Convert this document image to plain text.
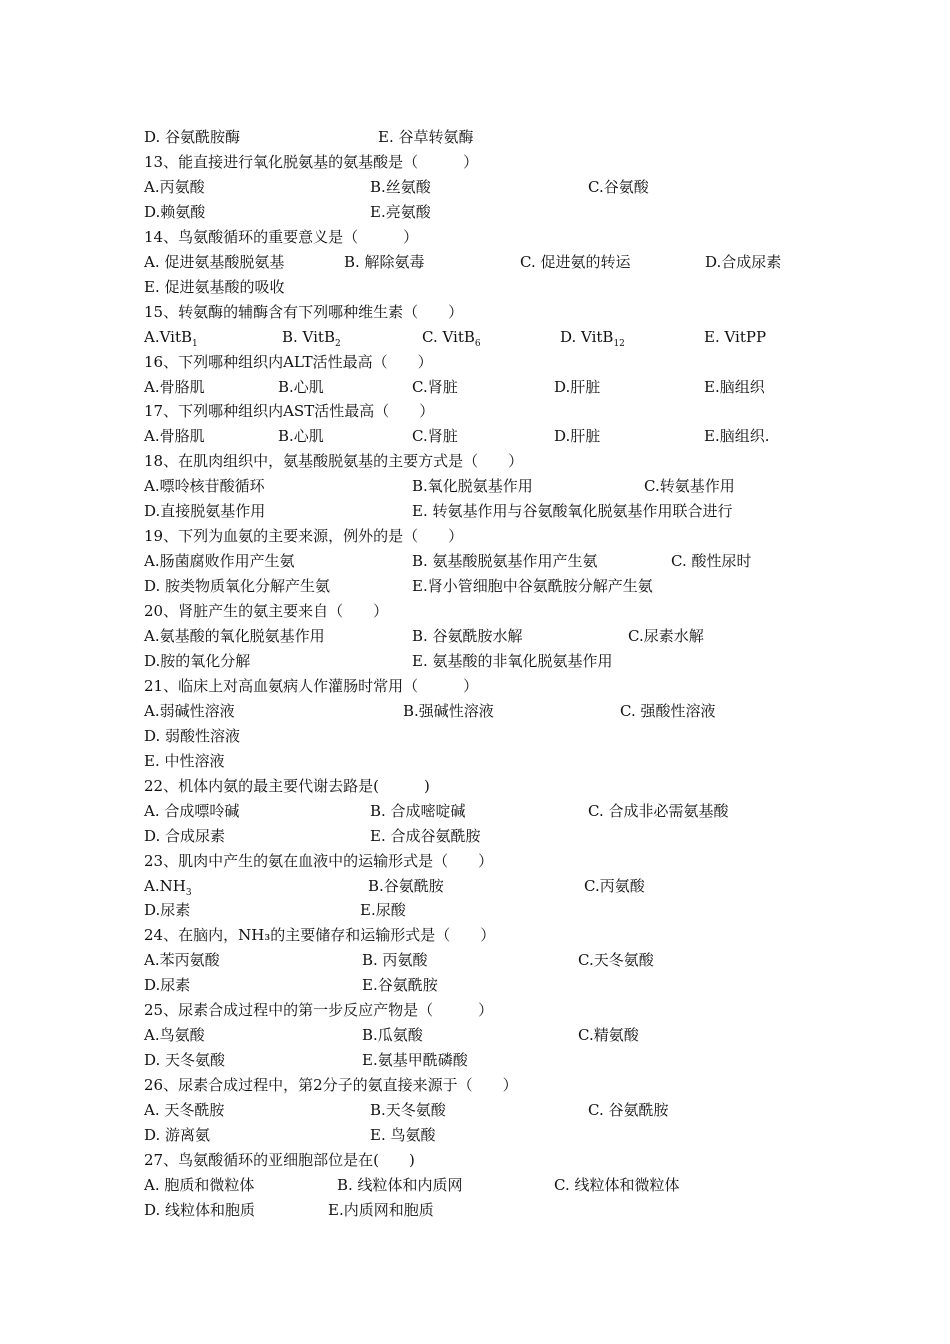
D. 谷氨酰胺酶	E. 谷草转氨酶
13、能直接进行氧化脱氨基的氨基酸是（　　　）
A.丙氨酸	B.丝氨酸	C.谷氨酸
D.赖氨酸	E.亮氨酸
14、鸟氨酸循环的重要意义是（　　　）
A. 促进氨基酸脱氨基	B. 解除氨毒	C. 促进氨的转运	D.合成尿素
E. 促进氨基酸的吸收
15、转氨酶的辅酶含有下列哪种维生素（　　）
A.VitB$_1$	B. VitB$_2$	C. VitB$_6$	D. VitB$_{12}$	E. VitPP
16、下列哪种组织内ALT活性最高（　　）
A.骨胳肌	B.心肌	C.肾脏	D.肝脏	E.脑组织
17、下列哪种组织内AST活性最高（　　）
A.骨胳肌	B.心肌	C.肾脏	D.肝脏	E.脑组织.
18、在肌肉组织中，氨基酸脱氨基的主要方式是（　　）
A.嘌呤核苷酸循环	B.氧化脱氨基作用	C.转氨基作用
D.直接脱氨基作用	E. 转氨基作用与谷氨酸氧化脱氨基作用联合进行
19、下列为血氨的主要来源，例外的是（　　）
A.肠菌腐败作用产生氨	B. 氨基酸脱氨基作用产生氨	C. 酸性尿时
D. 胺类物质氧化分解产生氨	E.肾小管细胞中谷氨酰胺分解产生氨
20、肾脏产生的氨主要来自（　　）
A.氨基酸的氧化脱氨基作用	B. 谷氨酰胺水解	C.尿素水解
D.胺的氧化分解	E. 氨基酸的非氧化脱氨基作用
21、临床上对高血氨病人作灌肠时常用（　　　）
A.弱碱性溶液	B.强碱性溶液	C. 强酸性溶液
D. 弱酸性溶液
E. 中性溶液
22、机体内氨的最主要代谢去路是(　　　)
A. 合成嘌呤碱	B. 合成嘧啶碱	C. 合成非必需氨基酸
D. 合成尿素	E. 合成谷氨酰胺
23、肌肉中产生的氨在血液中的运输形式是（　　）
$A.NH_3$	B.谷氨酰胺	C.丙氨酸
D.尿素	E.尿酸
24、在脑内，NH₃的主要储存和运输形式是（　　）
A.苯丙氨酸	B. 丙氨酸	C.天冬氨酸
D.尿素	E.谷氨酰胺
25、尿素合成过程中的第一步反应产物是（　　　）
A.鸟氨酸	B.瓜氨酸	C.精氨酸
D. 天冬氨酸	E.氨基甲酰磷酸
26、尿素合成过程中，第2分子的氨直接来源于（　　）
A. 天冬酰胺	B.天冬氨酸	C. 谷氨酰胺
D. 游离氨	E. 鸟氨酸
27、鸟氨酸循环的亚细胞部位是在(　　)
A. 胞质和微粒体	B. 线粒体和内质网	C. 线粒体和微粒体
D. 线粒体和胞质	E.内质网和胞质
